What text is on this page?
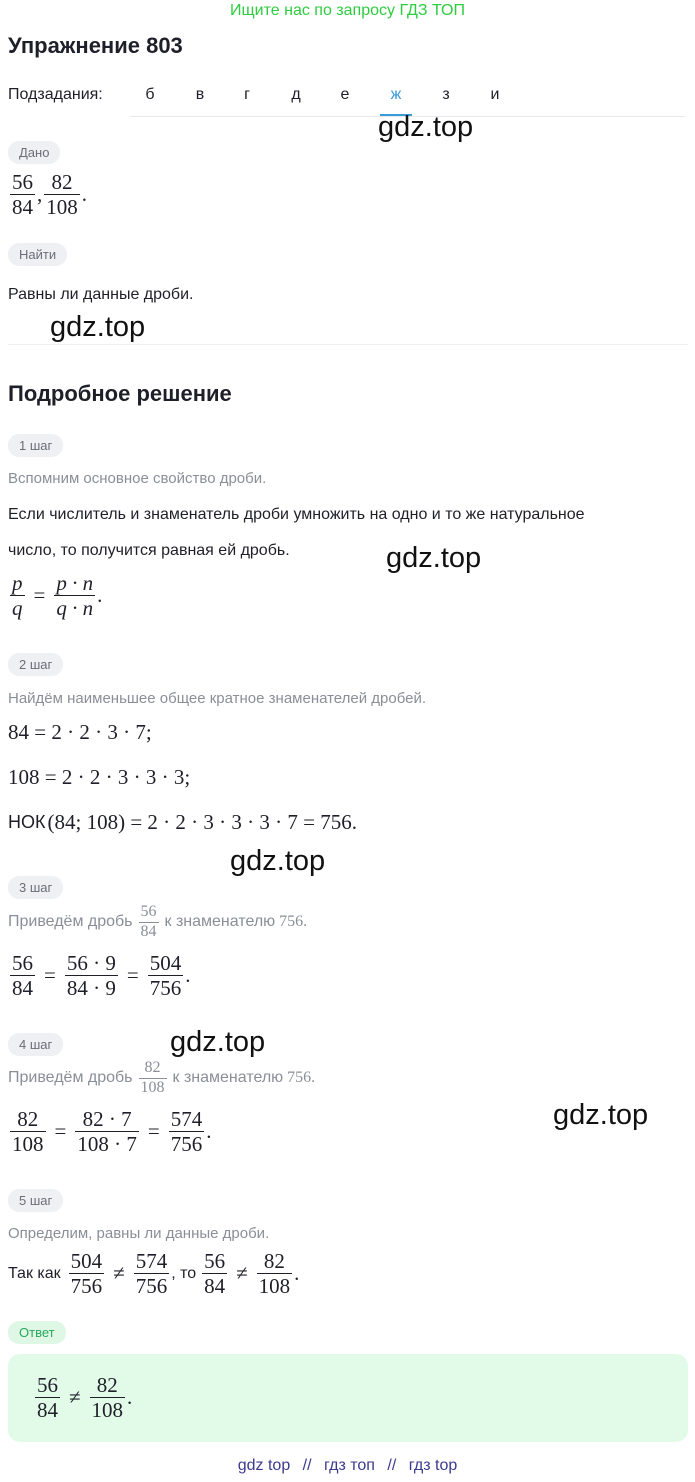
Ищите нас по запросу ГДЗ ТОП
Упражнение 803
Подзадания:	б	в	г	д	е	ж	з	и
gdz.top
gdz.top
gdz.top
gdz.top
gdz.top
gdz.top
Дано
$\frac{56}{84}$ , $\frac{82}{108}$ .
Найти
Равны ли данные дроби.
Подробное решение
1 шаг
Вспомним основное свойство дроби.
Если числитель и знаменатель дроби умножить на одно и то же натуральное
число, то получится равная ей дробь.
$\frac{p}{q} = \frac{p \cdot n}{q \cdot n}$ .
2 шаг
Найдём наименьшее общее кратное знаменателей дробей.
84 = 2 · 2 · 3 · 7;
108 = 2 · 2 · 3 · 3 · 3;
НОК (84; 108) = 2 · 2 · 3 · 3 · 3 · 7 = 756.
3 шаг
Приведём дробь $\frac{56}{84}$ к знаменателю 756.
$\frac{56}{84} = \frac{56 \cdot 9}{84 \cdot 9} = \frac{504}{756}$ .
4 шаг
Приведём дробь $\frac{82}{108}$ к знаменателю 756.
$\frac{82}{108} = \frac{82 \cdot 7}{108 \cdot 7} = \frac{574}{756}$ .
5 шаг
Определим, равны ли данные дроби.
Так как $\frac{504}{756} \ne \frac{574}{756}$ , то $\frac{56}{84} \ne \frac{82}{108}$ .
Ответ
$\frac{56}{84} \ne \frac{82}{108}$ .
gdz top // гдз топ // гдз top
